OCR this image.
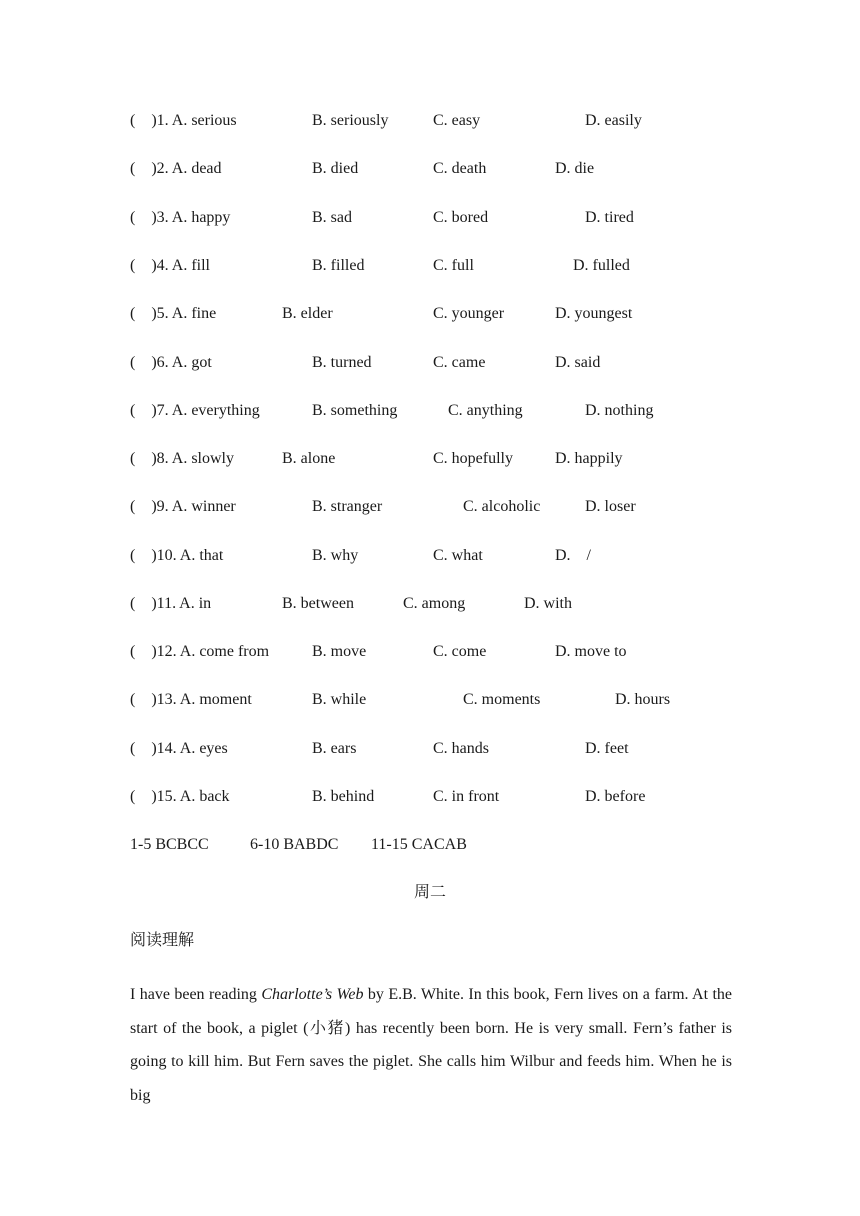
(    )1. A. serious	B. seriously	C. easy	D. easily
(    )2. A. dead	B. died	C. death	D. die
(    )3. A. happy	B. sad	C. bored	D. tired
(    )4. A. fill	B. filled	C. full	D. fulled
(    )5. A. fine	B. elder	C. younger	D. youngest
(    )6. A. got	B. turned	C. came	D. said
(    )7. A. everything	B. something	C. anything	D. nothing
(    )8. A. slowly	B. alone	C. hopefully	D. happily
(    )9. A. winner	B. stranger	C. alcoholic	D. loser
(    )10. A. that	B. why	C. what	D.    /
(    )11. A. in	B. between	C. among	D. with
(    )12. A. come from	B. move	C. come	D. move to
(    )13. A. moment	B. while	C. moments	D. hours
(    )14. A. eyes	B. ears	C. hands	D. feet
(    )15. A. back	B. behind	C. in front	D. before

1-5 BCBCC

	6-10 BABDC

11-15 CACAB

周二
阅读理解

I have been reading Charlotte’s Web by E.B. White. In this book, Fern lives on a farm. At the start of the book, a piglet (小猪) has recently been born. He is very small. Fern’s father is going to kill him. But Fern saves the piglet. She calls him Wilbur and feeds him. When he is big
